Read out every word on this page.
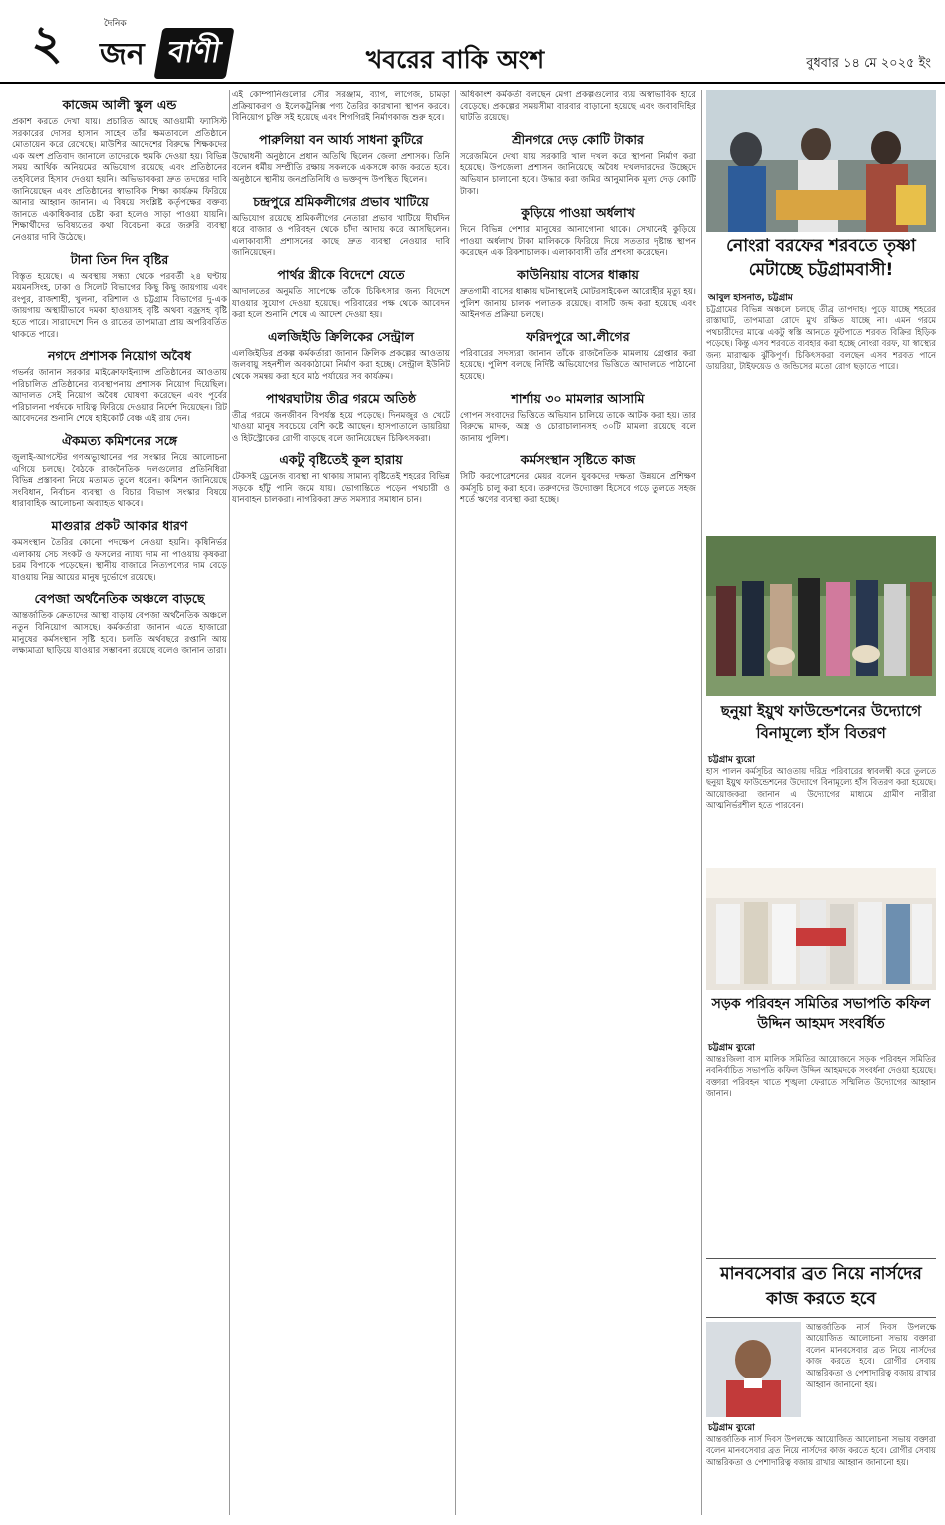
২	দৈনিক
জন বাণী	খবরের বাকি অংশ	বুধবার ১৪ মে ২০২৫ ইং
কাজেম আলী স্কুল এন্ড
প্রকাশ করতে দেখা যায়। প্রচারিত আছে আওয়ামী ফ্যাসিস্ট সরকারের দোসর হাসান সাহেব তাঁর ক্ষমতাবলে প্রতিষ্ঠানে মোতায়েন করে রেখেছে। মাউশির আদেশের বিরুদ্ধে শিক্ষকদের এক অংশ প্রতিবাদ জানালে তাদেরকে হুমকি দেওয়া হয়। বিভিন্ন সময় আর্থিক অনিয়মের অভিযোগ রয়েছে এবং প্রতিষ্ঠানের তহবিলের হিসাব দেওয়া হয়নি। অভিভাবকরা দ্রুত তদন্তের দাবি জানিয়েছেন এবং প্রতিষ্ঠানের স্বাভাবিক শিক্ষা কার্যক্রম ফিরিয়ে আনার আহ্বান জানান। এ বিষয়ে সংশ্লিষ্ট কর্তৃপক্ষের বক্তব্য জানতে একাধিকবার চেষ্টা করা হলেও সাড়া পাওয়া যায়নি। শিক্ষার্থীদের ভবিষ্যতের কথা বিবেচনা করে জরুরি ব্যবস্থা নেওয়ার দাবি উঠেছে।
টানা তিন দিন বৃষ্টির
বিস্তৃত হয়েছে। এ অবস্থায় সন্ধ্যা থেকে পরবর্তী ২৪ ঘণ্টায় ময়মনসিংহ, ঢাকা ও সিলেট বিভাগের কিছু কিছু জায়গায় এবং রংপুর, রাজশাহী, খুলনা, বরিশাল ও চট্টগ্রাম বিভাগের দু-এক জায়গায় অস্থায়ীভাবে দমকা হাওয়াসহ বৃষ্টি অথবা বজ্রসহ বৃষ্টি হতে পারে। সারাদেশে দিন ও রাতের তাপমাত্রা প্রায় অপরিবর্তিত থাকতে পারে।
নগদে প্রশাসক নিয়োগ অবৈধ
গভর্নর জানান সরকার মাইক্রোফাইন্যান্স প্রতিষ্ঠানের আওতায় পরিচালিত প্রতিষ্ঠানের ব্যবস্থাপনায় প্রশাসক নিয়োগ দিয়েছিল। আদালত সেই নিয়োগ অবৈধ ঘোষণা করেছেন এবং পূর্বের পরিচালনা পর্ষদকে দায়িত্ব ফিরিয়ে দেওয়ার নির্দেশ দিয়েছেন। রিট আবেদনের শুনানি শেষে হাইকোর্ট বেঞ্চ এই রায় দেন।
ঐকমত্য কমিশনের সঙ্গে
জুলাই-আগস্টের গণঅভ্যুত্থানের পর সংস্কার নিয়ে আলোচনা এগিয়ে চলছে। বৈঠকে রাজনৈতিক দলগুলোর প্রতিনিধিরা বিভিন্ন প্রস্তাবনা নিয়ে মতামত তুলে ধরেন। কমিশন জানিয়েছে সংবিধান, নির্বাচন ব্যবস্থা ও বিচার বিভাগ সংস্কার বিষয়ে ধারাবাহিক আলোচনা অব্যাহত থাকবে।
মাগুরার প্রকট আকার ধারণ
কমসংস্থান তৈরির কোনো পদক্ষেপ নেওয়া হয়নি। কৃষিনির্ভর এলাকায় সেচ সংকট ও ফসলের ন্যায্য দাম না পাওয়ায় কৃষকরা চরম বিপাকে পড়েছেন। স্থানীয় বাজারে নিত্যপণ্যের দাম বেড়ে যাওয়ায় নিম্ন আয়ের মানুষ দুর্ভোগে রয়েছে।
বেপজা অর্থনৈতিক অঞ্চলে বাড়ছে
আন্তর্জাতিক ক্রেতাদের আস্থা বাড়ায় বেপজা অর্থনৈতিক অঞ্চলে নতুন বিনিয়োগ আসছে। কর্মকর্তারা জানান এতে হাজারো মানুষের কর্মসংস্থান সৃষ্টি হবে। চলতি অর্থবছরে রপ্তানি আয় লক্ষ্যমাত্রা ছাড়িয়ে যাওয়ার সম্ভাবনা রয়েছে বলেও জানান তারা।
এই কোম্পানিগুলোর সৌর সরঞ্জাম, ব্যাগ, লাগেজ, চামড়া প্রক্রিয়াকরণ ও ইলেকট্রনিক্স পণ্য তৈরির কারখানা স্থাপন করবে। বিনিয়োগ চুক্তি সই হয়েছে এবং শিগগিরই নির্মাণকাজ শুরু হবে।
পারুলিয়া বন আর্য্য সাধনা কুটিরে
উদ্বোধনী অনুষ্ঠানে প্রধান অতিথি ছিলেন জেলা প্রশাসক। তিনি বলেন ধর্মীয় সম্প্রীতি রক্ষায় সকলকে একসঙ্গে কাজ করতে হবে। অনুষ্ঠানে স্থানীয় জনপ্রতিনিধি ও ভক্তবৃন্দ উপস্থিত ছিলেন।
চন্দ্রপুরে শ্রমিকলীগের প্রভাব খাটিয়ে
অভিযোগ রয়েছে শ্রমিকলীগের নেতারা প্রভাব খাটিয়ে দীর্ঘদিন ধরে বাজার ও পরিবহন থেকে চাঁদা আদায় করে আসছিলেন। এলাকাবাসী প্রশাসনের কাছে দ্রুত ব্যবস্থা নেওয়ার দাবি জানিয়েছেন।
পার্থর স্ত্রীকে বিদেশে যেতে
আদালতের অনুমতি সাপেক্ষে তাঁকে চিকিৎসার জন্য বিদেশে যাওয়ার সুযোগ দেওয়া হয়েছে। পরিবারের পক্ষ থেকে আবেদন করা হলে শুনানি শেষে এ আদেশ দেওয়া হয়।
এলজিইডি ক্রিলিকের সেন্ট্রাল
এলজিইডির প্রকল্প কর্মকর্তারা জানান ক্রিলিক প্রকল্পের আওতায় জলবায়ু সহনশীল অবকাঠামো নির্মাণ করা হচ্ছে। সেন্ট্রাল ইউনিট থেকে সমন্বয় করা হবে মাঠ পর্যায়ের সব কার্যক্রম।
পাথরঘাটায় তীব্র গরমে অতিষ্ঠ
তীব্র গরমে জনজীবন বিপর্যস্ত হয়ে পড়েছে। দিনমজুর ও খেটে খাওয়া মানুষ সবচেয়ে বেশি কষ্টে আছেন। হাসপাতালে ডায়রিয়া ও হিটস্ট্রোকের রোগী বাড়ছে বলে জানিয়েছেন চিকিৎসকরা।
একটু বৃষ্টিতেই কূল হারায়
টেকসই ড্রেনেজ ব্যবস্থা না থাকায় সামান্য বৃষ্টিতেই শহরের বিভিন্ন সড়কে হাঁটু পানি জমে যায়। ভোগান্তিতে পড়েন পথচারী ও যানবাহন চালকরা। নাগরিকরা দ্রুত সমস্যার সমাধান চান।
অধিকাংশ কর্মকর্তা বলছেন মেগা প্রকল্পগুলোর ব্যয় অস্বাভাবিক হারে বেড়েছে। প্রকল্পের সময়সীমা বারবার বাড়ানো হয়েছে এবং জবাবদিহির ঘাটতি রয়েছে।
শ্রীনগরে দেড় কোটি টাকার
সরেজমিনে দেখা যায় সরকারি খাল দখল করে স্থাপনা নির্মাণ করা হয়েছে। উপজেলা প্রশাসন জানিয়েছে অবৈধ দখলদারদের উচ্ছেদে অভিযান চালানো হবে। উদ্ধার করা জমির আনুমানিক মূল্য দেড় কোটি টাকা।
কুড়িয়ে পাওয়া অর্ধলাখ
দিনে বিভিন্ন পেশার মানুষের আনাগোনা থাকে। সেখানেই কুড়িয়ে পাওয়া অর্ধলাখ টাকা মালিককে ফিরিয়ে দিয়ে সততার দৃষ্টান্ত স্থাপন করেছেন এক রিকশাচালক। এলাকাবাসী তাঁর প্রশংসা করেছেন।
কাউনিয়ায় বাসের ধাক্কায়
দ্রুতগামী বাসের ধাক্কায় ঘটনাস্থলেই মোটরসাইকেল আরোহীর মৃত্যু হয়। পুলিশ জানায় চালক পলাতক রয়েছে। বাসটি জব্দ করা হয়েছে এবং আইনগত প্রক্রিয়া চলছে।
ফরিদপুরে আ.লীগের
পরিবারের সদস্যরা জানান তাঁকে রাজনৈতিক মামলায় গ্রেপ্তার করা হয়েছে। পুলিশ বলছে নির্দিষ্ট অভিযোগের ভিত্তিতে আদালতে পাঠানো হয়েছে।
শার্শায় ৩০ মামলার আসামি
গোপন সংবাদের ভিত্তিতে অভিযান চালিয়ে তাকে আটক করা হয়। তার বিরুদ্ধে মাদক, অস্ত্র ও চোরাচালানসহ ৩০টি মামলা রয়েছে বলে জানায় পুলিশ।
কর্মসংস্থান সৃষ্টিতে কাজ
সিটি করপোরেশনের মেয়র বলেন যুবকদের দক্ষতা উন্নয়নে প্রশিক্ষণ কর্মসূচি চালু করা হবে। তরুণদের উদ্যোক্তা হিসেবে গড়ে তুলতে সহজ শর্তে ঋণের ব্যবস্থা করা হচ্ছে।
নোংরা বরফের শরবতে তৃষ্ণা মেটাচ্ছে চট্টগ্রামবাসী!
আবুল হাসনাত, চট্টগ্রাম
চট্টগ্রামের বিভিন্ন অঞ্চলে চলছে তীব্র তাপদাহ। পুড়ে যাচ্ছে শহরের রাস্তাঘাট, তাপমাত্রা রোদে মুখ রক্ষিত যাচ্ছে না। এমন গরমে পথচারীদের মাঝে একটু স্বস্তি আনতে ফুটপাতে শরবত বিক্রির হিড়িক পড়েছে। কিন্তু এসব শরবতে ব্যবহার করা হচ্ছে নোংরা বরফ, যা স্বাস্থ্যের জন্য মারাত্মক ঝুঁকিপূর্ণ। চিকিৎসকরা বলছেন এসব শরবত পানে ডায়রিয়া, টাইফয়েড ও জন্ডিসের মতো রোগ ছড়াতে পারে।
ছনুয়া ইয়ুথ ফাউন্ডেশনের উদ্যোগে বিনামূল্যে হাঁস বিতরণ
চট্টগ্রাম ব্যুরো
হাস পালন কর্মসূচির আওতায় দরিদ্র পরিবারের স্বাবলম্বী করে তুলতে ছনুয়া ইয়ুথ ফাউন্ডেশনের উদ্যোগে বিনামূল্যে হাঁস বিতরণ করা হয়েছে। আয়োজকরা জানান এ উদ্যোগের মাধ্যমে গ্রামীণ নারীরা আত্মনির্ভরশীল হতে পারবেন।
সড়ক পরিবহন সমিতির সভাপতি কফিল উদ্দিন আহমদ সংবর্ধিত
চট্টগ্রাম ব্যুরো
আন্তঃজিলা বাস মালিক সমিতির আয়োজনে সড়ক পরিবহন সমিতির নবনির্বাচিত সভাপতি কফিল উদ্দিন আহমদকে সংবর্ধনা দেওয়া হয়েছে। বক্তারা পরিবহন খাতে শৃঙ্খলা ফেরাতে সম্মিলিত উদ্যোগের আহ্বান জানান।
মানবসেবার ব্রত নিয়ে নার্সদের কাজ করতে হবে
চট্টগ্রাম ব্যুরো
আন্তর্জাতিক নার্স দিবস উপলক্ষে আয়োজিত আলোচনা সভায় বক্তারা বলেন মানবসেবার ব্রত নিয়ে নার্সদের কাজ করতে হবে। রোগীর সেবায় আন্তরিকতা ও পেশাদারিত্ব বজায় রাখার আহ্বান জানানো হয়।
আন্তর্জাতিক নার্স দিবস উপলক্ষে আয়োজিত আলোচনা সভায় বক্তারা বলেন মানবসেবার ব্রত নিয়ে নার্সদের কাজ করতে হবে। রোগীর সেবায় আন্তরিকতা ও পেশাদারিত্ব বজায় রাখার আহ্বান জানানো হয়।
